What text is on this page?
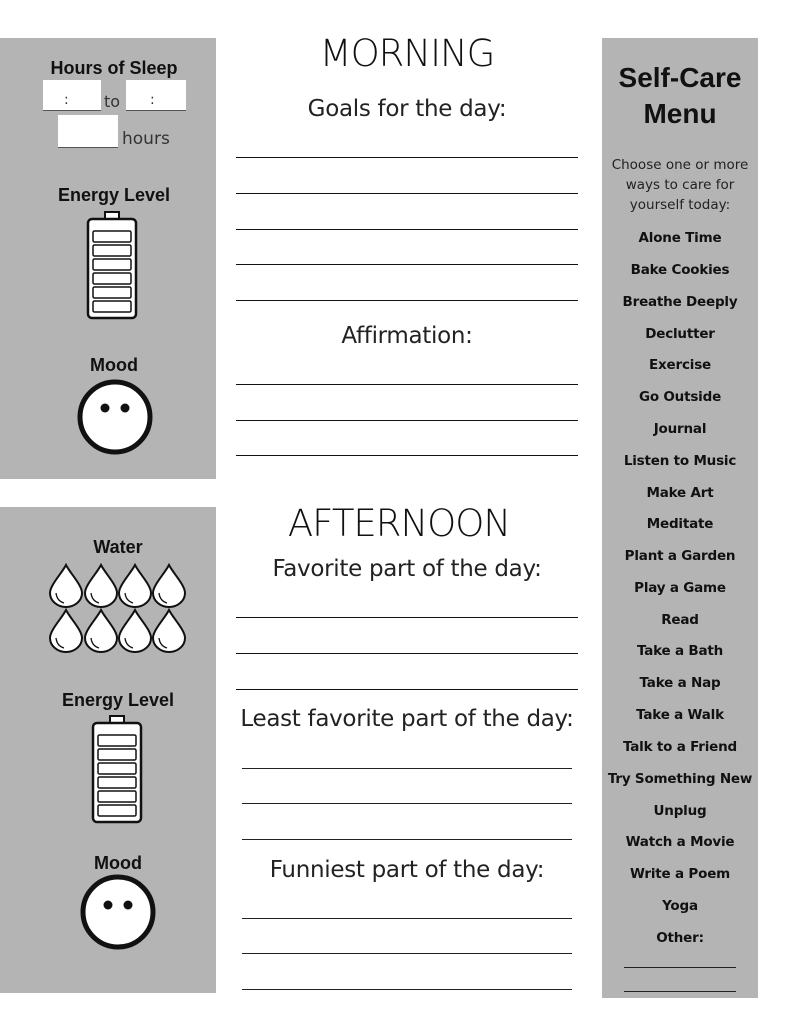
Hours of Sleep
: to :
hours
Energy Level
Mood
Water
Energy Level
Mood
MORNING
Goals for the day:
Affirmation:
AFTERNOON
Favorite part of the day:
Least favorite part of the day:
Funniest part of the day:
Self-Care
Menu
Choose one or more
ways to care for
yourself today:
Alone Time
Bake Cookies
Breathe Deeply
Declutter
Exercise
Go Outside
Journal
Listen to Music
Make Art
Meditate
Plant a Garden
Play a Game
Read
Take a Bath
Take a Nap
Take a Walk
Talk to a Friend
Try Something New
Unplug
Watch a Movie
Write a Poem
Yoga
Other:
